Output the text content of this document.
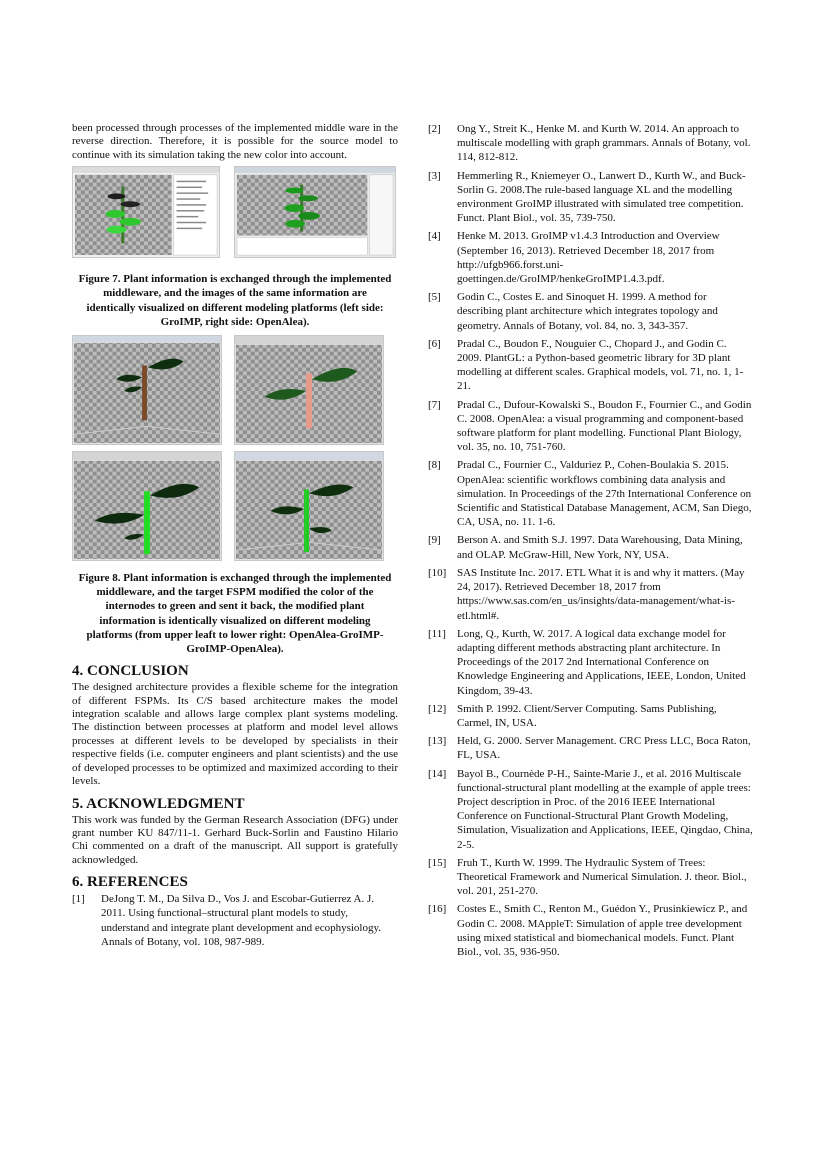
been processed through processes of the implemented middle ware in the reverse direction. Therefore, it is possible for the source model to continue with its simulation taking the new color into account.

Figure 7. Plant information is exchanged through the implemented middleware, and the images of the same information are identically visualized on different modeling platforms (left side: GroIMP, right side: OpenAlea).
Figure 8. Plant information is exchanged through the implemented middleware, and the target FSPM modified the color of the internodes to green and sent it back, the modified plant information is identically visualized on different modeling platforms (from upper leaft to lower right: OpenAlea-GroIMP-GroIMP-OpenAlea).
4. CONCLUSION

The designed architecture provides a flexible scheme for the integration of different FSPMs. Its C/S based architecture makes the model integration scalable and allows large complex plant systems modeling. The distinction between processes at platform and model level allows processes at different levels to be developed by specialists in their respective fields (i.e. computer engineers and plant scientists) and the use of developed processes to be optimized and maximized according to their levels.

5. ACKNOWLEDGMENT

This work was funded by the German Research Association (DFG) under grant number KU 847/11-1. Gerhard Buck-Sorlin and Faustino Hilario Chi commented on a draft of the manuscript. All support is gratefully acknowledged.

6. REFERENCES
[1] DeJong T. M., Da Silva D., Vos J. and Escobar-Gutierrez A. J. 2011. Using functional–structural plant models to study, understand and integrate plant development and ecophysiology. Annals of Botany, vol. 108, 987-989.
[2] Ong Y., Streit K., Henke M. and Kurth W. 2014. An approach to multiscale modelling with graph grammars. Annals of Botany, vol. 114, 812-812.
[3] Hemmerling R., Kniemeyer O., Lanwert D., Kurth W., and Buck-Sorlin G. 2008.The rule-based language XL and the modelling environment GroIMP illustrated with simulated tree competition. Funct. Plant Biol., vol. 35, 739-750.
[4] Henke M. 2013. GroIMP v1.4.3 Introduction and Overview (September 16, 2013). Retrieved December 18, 2017 from http://ufgb966.forst.uni-goettingen.de/GroIMP/henkeGroIMP1.4.3.pdf.
[5] Godin C., Costes E. and Sinoquet H. 1999. A method for describing plant architecture which integrates topology and geometry. Annals of Botany, vol. 84, no. 3, 343-357.
[6] Pradal C., Boudon F., Nouguier C., Chopard J., and Godin C. 2009. PlantGL: a Python-based geometric library for 3D plant modelling at different scales. Graphical models, vol. 71, no. 1, 1-21.
[7] Pradal C., Dufour-Kowalski S., Boudon F., Fournier C., and Godin C. 2008. OpenAlea: a visual programming and component-based software platform for plant modelling. Functional Plant Biology, vol. 35, no. 10, 751-760.
[8] Pradal C., Fournier C., Valduriez P., Cohen-Boulakia S. 2015. OpenAlea: scientific workflows combining data analysis and simulation. In Proceedings of the 27th International Conference on Scientific and Statistical Database Management, ACM, San Diego, CA, USA, no. 11. 1-6.
[9] Berson A. and Smith S.J. 1997. Data Warehousing, Data Mining, and OLAP. McGraw-Hill, New York, NY, USA.
[10] SAS Institute Inc. 2017. ETL What it is and why it matters. (May 24, 2017). Retrieved December 18, 2017 from https://www.sas.com/en_us/insights/data-management/what-is-etl.html#.
[11] Long, Q., Kurth, W. 2017. A logical data exchange model for adapting different methods abstracting plant architecture. In Proceedings of the 2017 2nd International Conference on Knowledge Engineering and Applications, IEEE, London, United Kingdom, 39-43.
[12] Smith P. 1992. Client/Server Computing. Sams Publishing, Carmel, IN, USA.
[13] Held, G. 2000. Server Management. CRC Press LLC, Boca Raton, FL, USA.
[14] Bayol B., Cournède P-H., Sainte-Marie J., et al. 2016 Multiscale functional-structural plant modelling at the example of apple trees: Project description in Proc. of the 2016 IEEE International Conference on Functional-Structural Plant Growth Modeling, Simulation, Visualization and Applications, IEEE, Qingdao, China, 2-5.
[15] Fruh T., Kurth W. 1999. The Hydraulic System of Trees: Theoretical Framework and Numerical Simulation. J. theor. Biol., vol. 201, 251-270.
[16] Costes E., Smith C., Renton M., Guédon Y., Prusinkiewicz P., and Godin C. 2008. MAppleT: Simulation of apple tree development using mixed statistical and biomechanical models. Funct. Plant Biol., vol. 35, 936-950.
